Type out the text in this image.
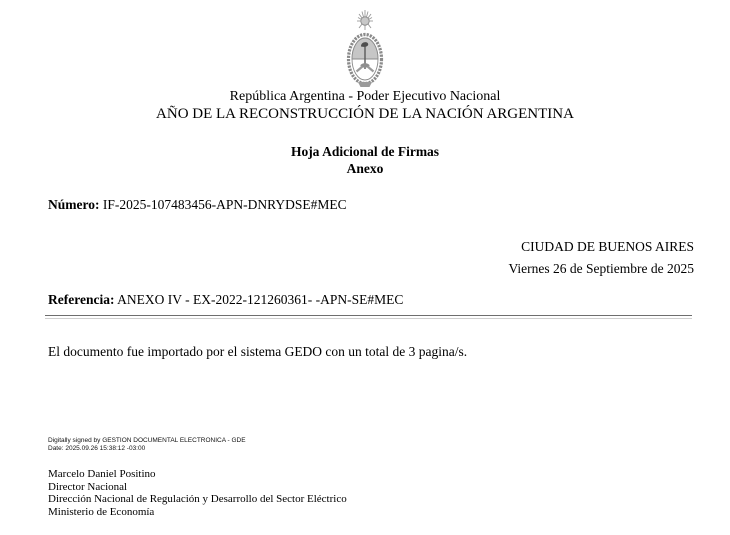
República Argentina - Poder Ejecutivo Nacional
AÑO DE LA RECONSTRUCCIÓN DE LA NACIÓN ARGENTINA
Hoja Adicional de Firmas
Anexo
Número: IF-2025-107483456-APN-DNRYDSE#MEC
CIUDAD DE BUENOS AIRES
Viernes 26 de Septiembre de 2025
Referencia: ANEXO IV - EX-2022-121260361- -APN-SE#MEC
El documento fue importado por el sistema GEDO con un total de 3 pagina/s.
Digitally signed by GESTION DOCUMENTAL ELECTRONICA - GDE
Date: 2025.09.26 15:38:12 -03:00
Marcelo Daniel Positino
Director Nacional
Dirección Nacional de Regulación y Desarrollo del Sector Eléctrico
Ministerio de Economía
